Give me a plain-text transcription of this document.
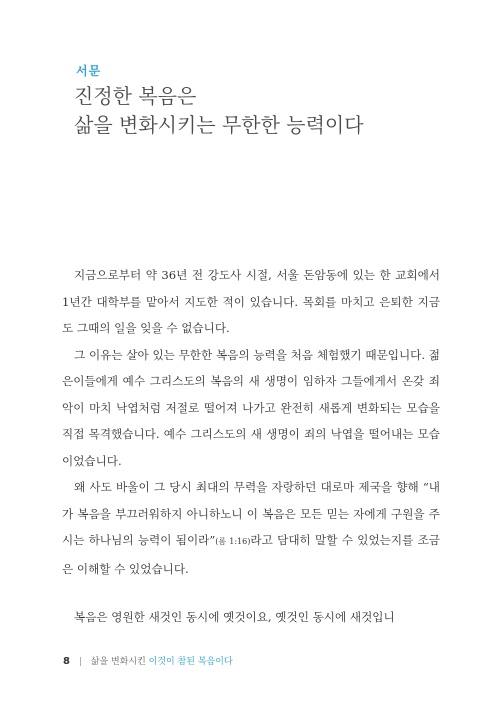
서문
진정한 복음은
삶을 변화시키는 무한한 능력이다

지금으로부터 약 36년 전 강도사 시절, 서울 돈암동에 있는 한 교회에서 1년간 대학부를 맡아서 지도한 적이 있습니다. 목회를 마치고 은퇴한 지금도 그때의 일을 잊을 수 없습니다.

그 이유는 살아 있는 무한한 복음의 능력을 처음 체험했기 때문입니다. 젊은이들에게 예수 그리스도의 복음의 새 생명이 임하자 그들에게서 온갖 죄악이 마치 낙엽처럼 저절로 떨어져 나가고 완전히 새롭게 변화되는 모습을 직접 목격했습니다. 예수 그리스도의 새 생명이 죄의 낙엽을 떨어내는 모습이었습니다.

왜 사도 바울이 그 당시 최대의 무력을 자랑하던 대로마 제국을 향해 “내가 복음을 부끄러워하지 아니하노니 이 복음은 모든 믿는 자에게 구원을 주시는 하나님의 능력이 됨이라”(롬 1:16)라고 담대히 말할 수 있었는지를 조금은 이해할 수 있었습니다.

복음은 영원한 새것인 동시에 옛것이요, 옛것인 동시에 새것입니

8 | 삶을 변화시킨 이것이 참된 복음이다
